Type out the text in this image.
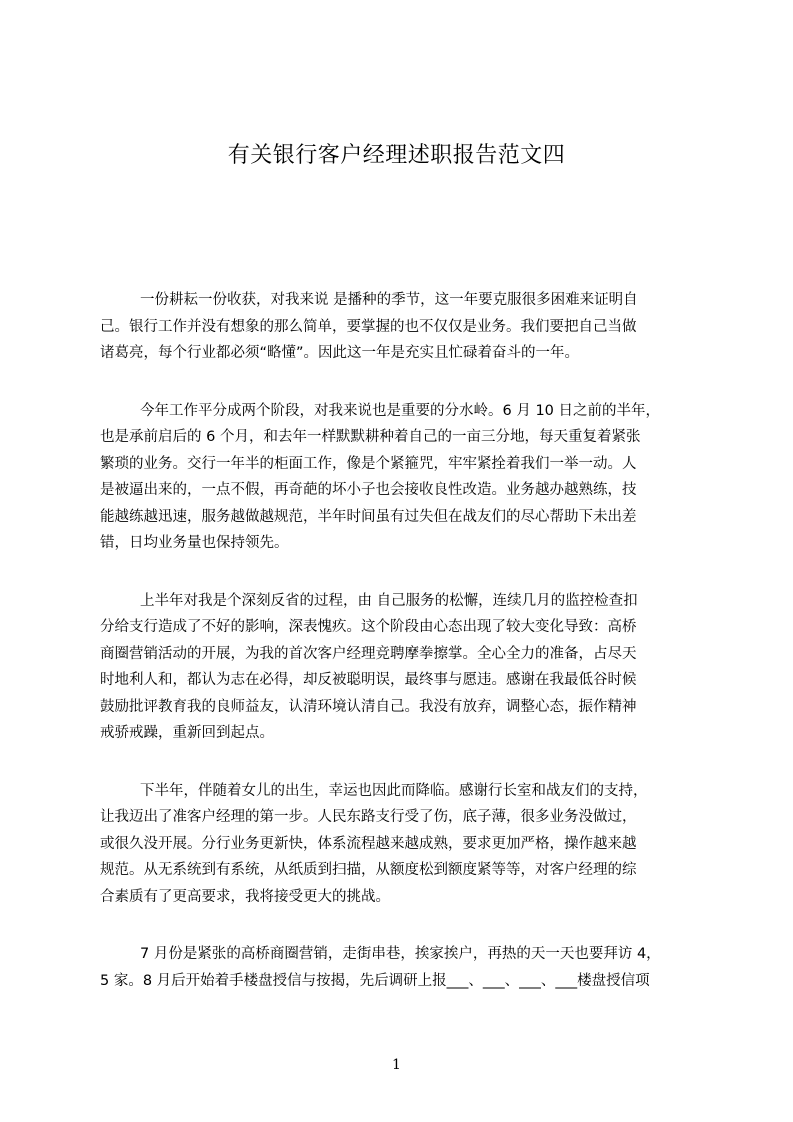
有关银行客户经理述职报告范文四
一份耕耘一份收获，对我来说 是播种的季节，这一年要克服很多困难来证明自
己。银行工作并没有想象的那么简单，要掌握的也不仅仅是业务。我们要把自己当做
诸葛亮，每个行业都必须“略懂”。因此这一年是充实且忙碌着奋斗的一年。
今年工作平分成两个阶段，对我来说也是重要的分水岭。6 月 10 日之前的半年，
也是承前启后的 6 个月，和去年一样默默耕种着自己的一亩三分地，每天重复着紧张
繁琐的业务。交行一年半的柜面工作，像是个紧箍咒，牢牢紧拴着我们一举一动。人
是被逼出来的，一点不假，再奇葩的坏小子也会接收良性改造。业务越办越熟练，技
能越练越迅速，服务越做越规范，半年时间虽有过失但在战友们的尽心帮助下未出差
错，日均业务量也保持领先。
上半年对我是个深刻反省的过程，由 自己服务的松懈，连续几月的监控检查扣
分给支行造成了不好的影响，深表愧疚。这个阶段由心态出现了较大变化导致：高桥
商圈营销活动的开展，为我的首次客户经理竞聘摩拳擦掌。全心全力的准备，占尽天
时地利人和，都认为志在必得，却反被聪明误，最终事与愿违。感谢在我最低谷时候
鼓励批评教育我的良师益友，认清环境认清自己。我没有放弃，调整心态，振作精神
戒骄戒躁，重新回到起点。
下半年，伴随着女儿的出生，幸运也因此而降临。感谢行长室和战友们的支持，
让我迈出了准客户经理的第一步。人民东路支行受了伤，底子薄，很多业务没做过，
或很久没开展。分行业务更新快，体系流程越来越成熟，要求更加严格，操作越来越
规范。从无系统到有系统，从纸质到扫描，从额度松到额度紧等等，对客户经理的综
合素质有了更高要求，我将接受更大的挑战。
7 月份是紧张的高桥商圈营销，走街串巷，挨家挨户，再热的天一天也要拜访 4，
5 家。8 月后开始着手楼盘授信与按揭，先后调研上报___、___、___、___楼盘授信项
1
